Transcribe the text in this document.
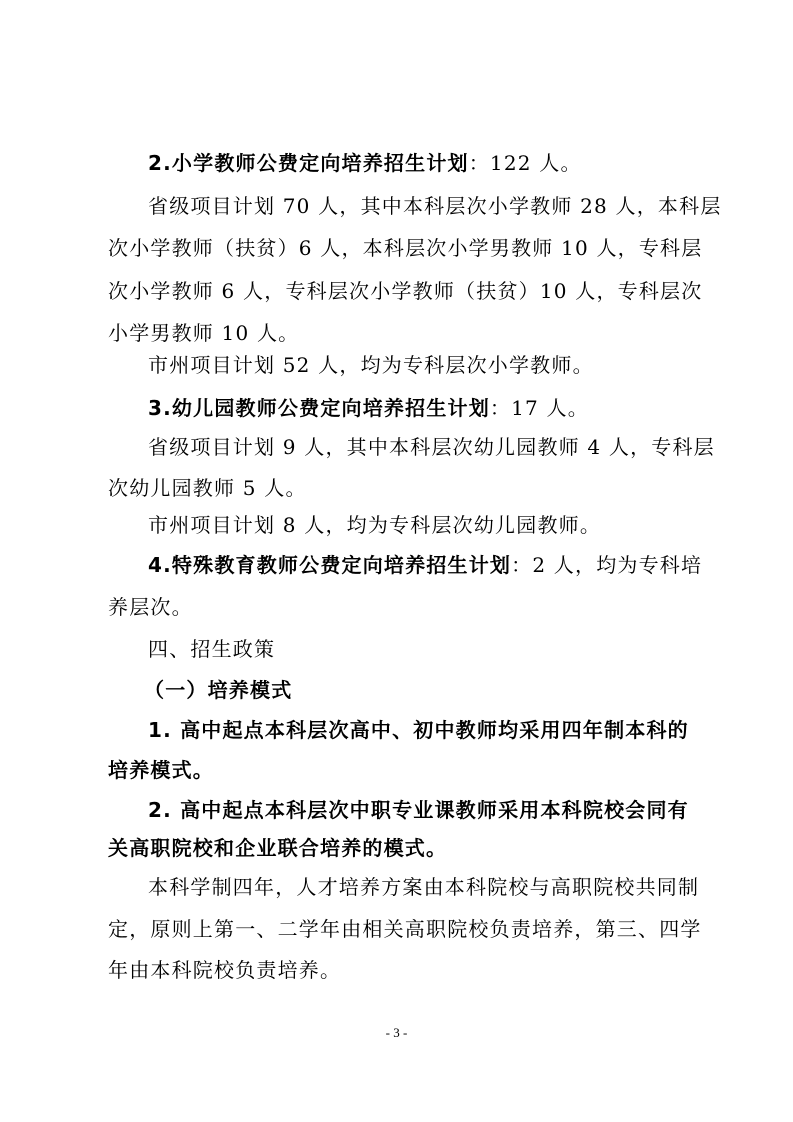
2.小学教师公费定向培养招生计划：122 人。
省级项目计划 70 人，其中本科层次小学教师 28 人，本科层
次小学教师（扶贫）6 人，本科层次小学男教师 10 人，专科层
次小学教师 6 人，专科层次小学教师（扶贫）10 人，专科层次
小学男教师 10 人。
市州项目计划 52 人，均为专科层次小学教师。
3.幼儿园教师公费定向培养招生计划：17 人。
省级项目计划 9 人，其中本科层次幼儿园教师 4 人，专科层
次幼儿园教师 5 人。
市州项目计划 8 人，均为专科层次幼儿园教师。
4.特殊教育教师公费定向培养招生计划：2 人，均为专科培
养层次。
四、招生政策
（一）培养模式
1. 高中起点本科层次高中、初中教师均采用四年制本科的
培养模式。
2. 高中起点本科层次中职专业课教师采用本科院校会同有
关高职院校和企业联合培养的模式。
本科学制四年，人才培养方案由本科院校与高职院校共同制
定，原则上第一、二学年由相关高职院校负责培养，第三、四学
年由本科院校负责培养。
- 3 -
